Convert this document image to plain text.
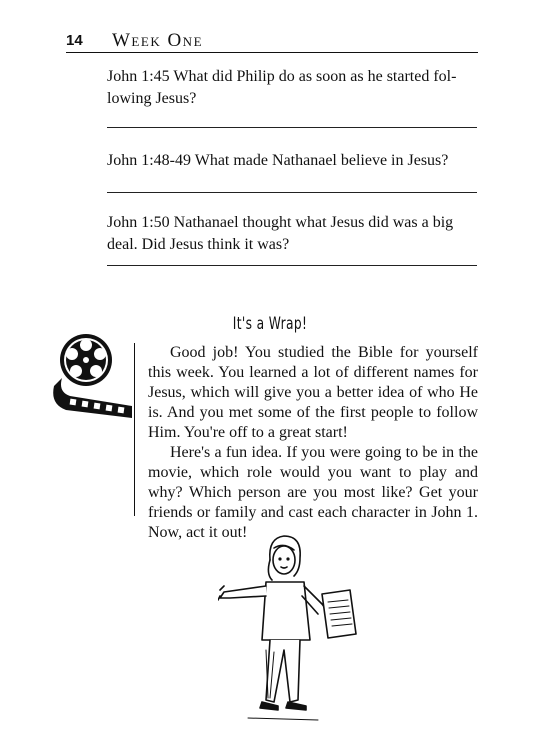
14 Week One
John 1:45 What did Philip do as soon as he started fol-
lowing Jesus?
John 1:48-49 What made Nathanael believe in Jesus?
John 1:50 Nathanael thought what Jesus did was a big
deal. Did Jesus think it was?
It's a Wrap!

Good job! You studied the Bible for yourself this week. You learned a lot of different names for Jesus, which will give you a better idea of who He is. And you met some of the first people to follow Him. You're off to a great start!

Here's a fun idea. If you were going to be in the movie, which role would you want to play and why? Which person are you most like? Get your friends or family and cast each character in John 1. Now, act it out!
